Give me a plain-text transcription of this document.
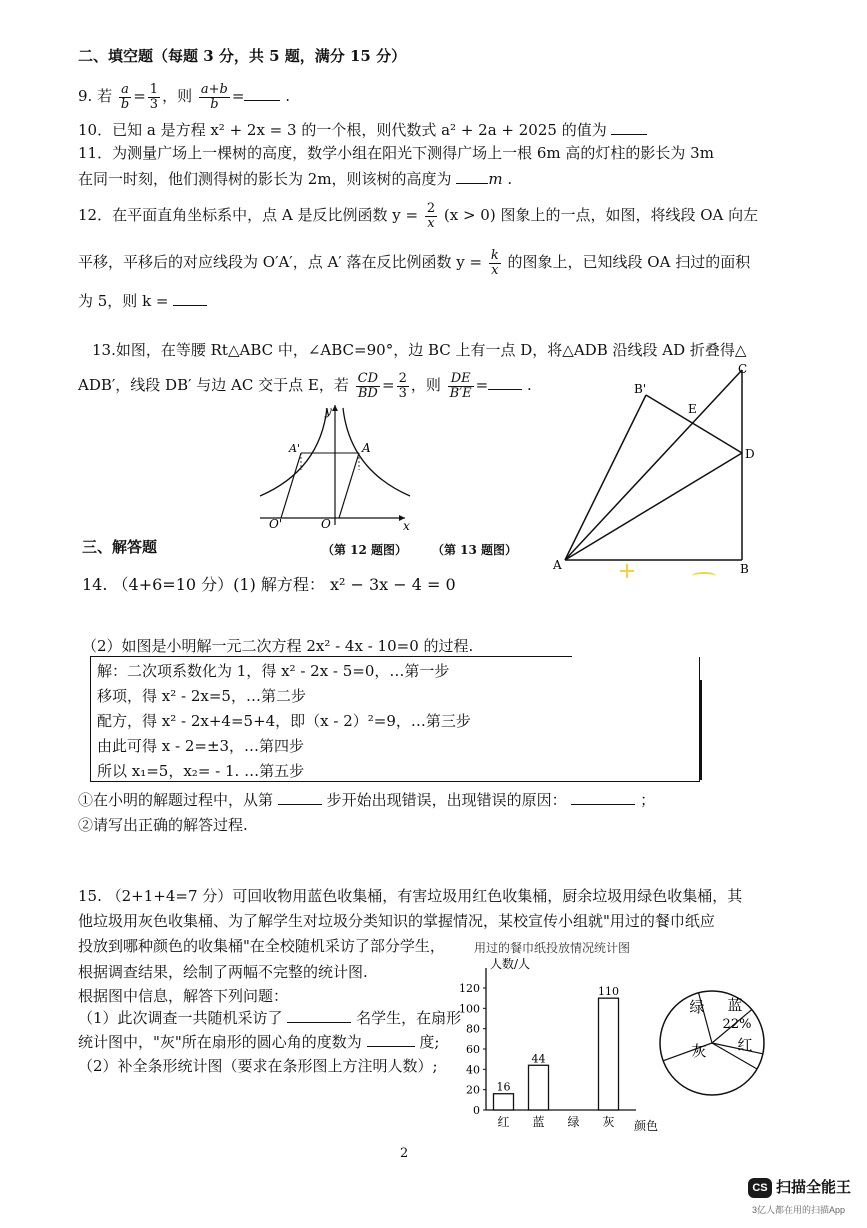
二、填空题（每题 3 分，共 5 题，满分 15 分）
9. 若 $\frac{a}{b} = \frac{1}{3}$ ，则 $\frac{a+b}{b}$ =	.
10．已知 a 是方程 x² + 2x = 3 的一个根，则代数式 a² + 2a + 2025 的值为
11．为测量广场上一棵树的高度，数学小组在阳光下测得广场上一根 6m 高的灯柱的影长为 3m
在同一时刻，他们测得树的影长为 2m，则该树的高度为 m .
12．在平面直角坐标系中，点 A 是反比例函数 $y = \frac{2}{x} (x > 0)$ 图象上的一点，如图，将线段 OA 向左
平移，平移后的对应线段为 O′A′，点 A′ 落在反比例函数 $y = \frac{k}{x}$ 的图象上，已知线段 OA 扫过的面积
为 5，则 k =
13.如图，在等腰 Rt△ABC 中，∠ABC=90°，边 BC 上有一点 D，将△ADB 沿线段 AD 折叠得△
ADB′，线段 DB′ 与边 AC 交于点 E，若 $\frac{CD}{BD} = \frac{2}{3}$ ，则 $\frac{DE}{B'E}$ =	.
y
x
A
A'
O'	O
（第 12 题图） （第 13 题图）
A	B
C
D
E
B'
三、解答题
14. （4+6=10 分）(1) 解方程： x² − 3x − 4 = 0
（2）如图是小明解一元二次方程 2x² - 4x - 10=0 的过程.
解：二次项系数化为 1，得 x² - 2x - 5=0，…第一步
移项，得 x² - 2x=5，…第二步
配方，得 x² - 2x+4=5+4，即（x - 2）²=9，…第三步
由此可得 x - 2=±3，…第四步
所以 x₁=5，x₂= - 1. …第五步
①在小明的解题过程中，从第	步开始出现错误，出现错误的原因：	；
②请写出正确的解答过程.
15. （2+1+4=7 分）可回收物用蓝色收集桶，有害垃圾用红色收集桶，厨余垃圾用绿色收集桶，其
他垃圾用灰色收集桶、为了解学生对垃圾分类知识的掌握情况，某校宣传小组就"用过的餐巾纸应
投放到哪种颜色的收集桶"在全校随机采访了部分学生，
根据调查结果，绘制了两幅不完整的统计图.
根据图中信息，解答下列问题：
（1）此次调查一共随机采访了	名学生，在扇形
统计图中，"灰"所在扇形的圆心角的度数为	度;
（2）补全条形统计图（要求在条形图上方注明人数）;
用过的餐巾纸投放情况统计图
人数/人
颜色
0
20
40
60
80
100
120
红
16
蓝
44
绿 灰
110
绿 蓝
灰 红
22%
2
CS 扫描全能王
3亿人都在用的扫描App
